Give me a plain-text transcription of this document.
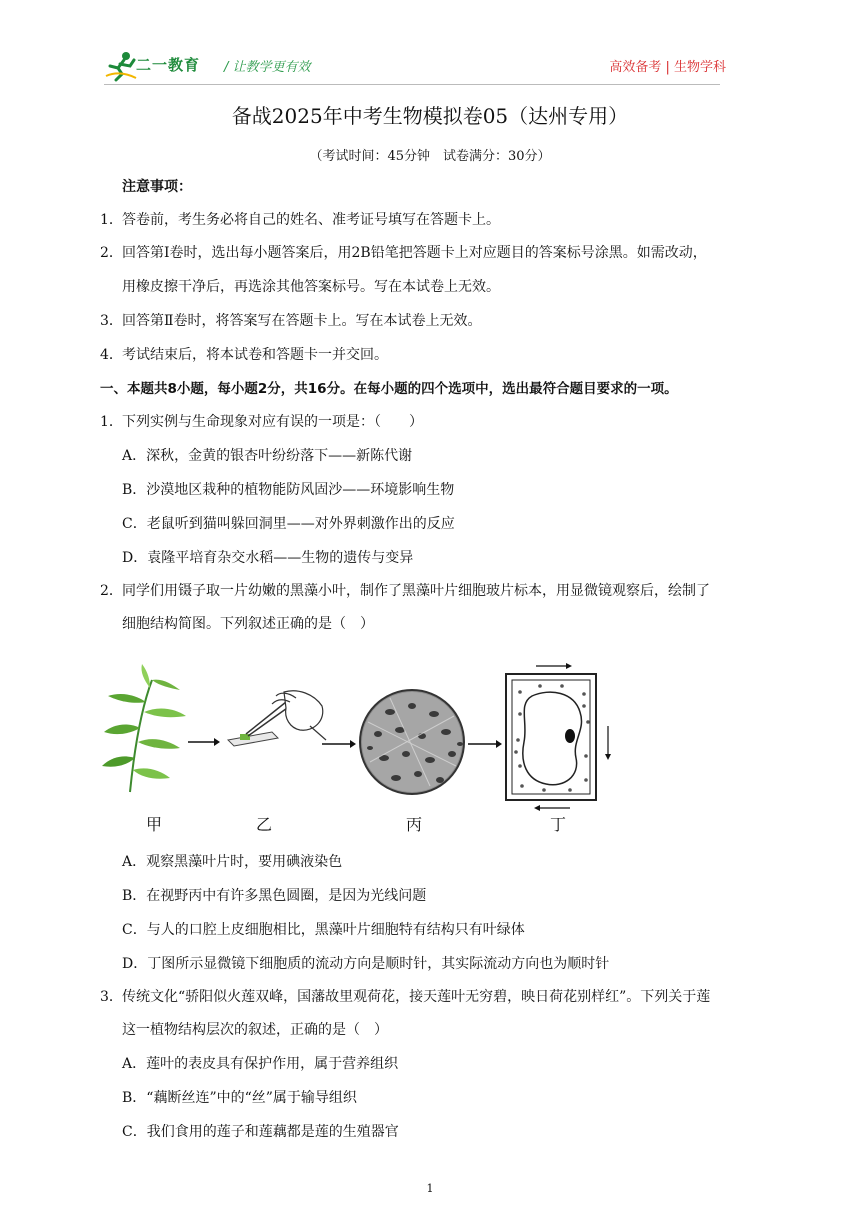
二一教育 / 让教学更有效	高效备考 | 生物学科
备战2025年中考生物模拟卷05（达州专用）
（考试时间：45分钟　试卷满分：30分）
注意事项：
1．答卷前，考生务必将自己的姓名、准考证号填写在答题卡上。
2．回答第Ⅰ卷时，选出每小题答案后，用2B铅笔把答题卡上对应题目的答案标号涂黑。如需改动，
用橡皮擦干净后，再选涂其他答案标号。写在本试卷上无效。
3．回答第Ⅱ卷时，将答案写在答题卡上。写在本试卷上无效。
4．考试结束后，将本试卷和答题卡一并交回。
一、本题共8小题，每小题2分，共16分。在每小题的四个选项中，选出最符合题目要求的一项。
1．下列实例与生命现象对应有误的一项是：（　　）
A．深秋，金黄的银杏叶纷纷落下——新陈代谢
B．沙漠地区栽种的植物能防风固沙——环境影响生物
C．老鼠听到猫叫躲回洞里——对外界刺激作出的反应
D．袁隆平培育杂交水稻——生物的遗传与变异
2．同学们用镊子取一片幼嫩的黑藻小叶，制作了黑藻叶片细胞玻片标本，用显微镜观察后，绘制了
细胞结构简图。下列叙述正确的是（　）
甲	乙	丙	丁
A．观察黑藻叶片时，要用碘液染色
B．在视野丙中有许多黑色圆圈，是因为光线问题
C．与人的口腔上皮细胞相比，黑藻叶片细胞特有结构只有叶绿体
D．丁图所示显微镜下细胞质的流动方向是顺时针，其实际流动方向也为顺时针
3．传统文化“骄阳似火莲双峰，国藩故里观荷花，接天莲叶无穷碧，映日荷花别样红”。下列关于莲
这一植物结构层次的叙述，正确的是（　）
A．莲叶的表皮具有保护作用，属于营养组织
B．“藕断丝连”中的“丝”属于输导组织
C．我们食用的莲子和莲藕都是莲的生殖器官
1
